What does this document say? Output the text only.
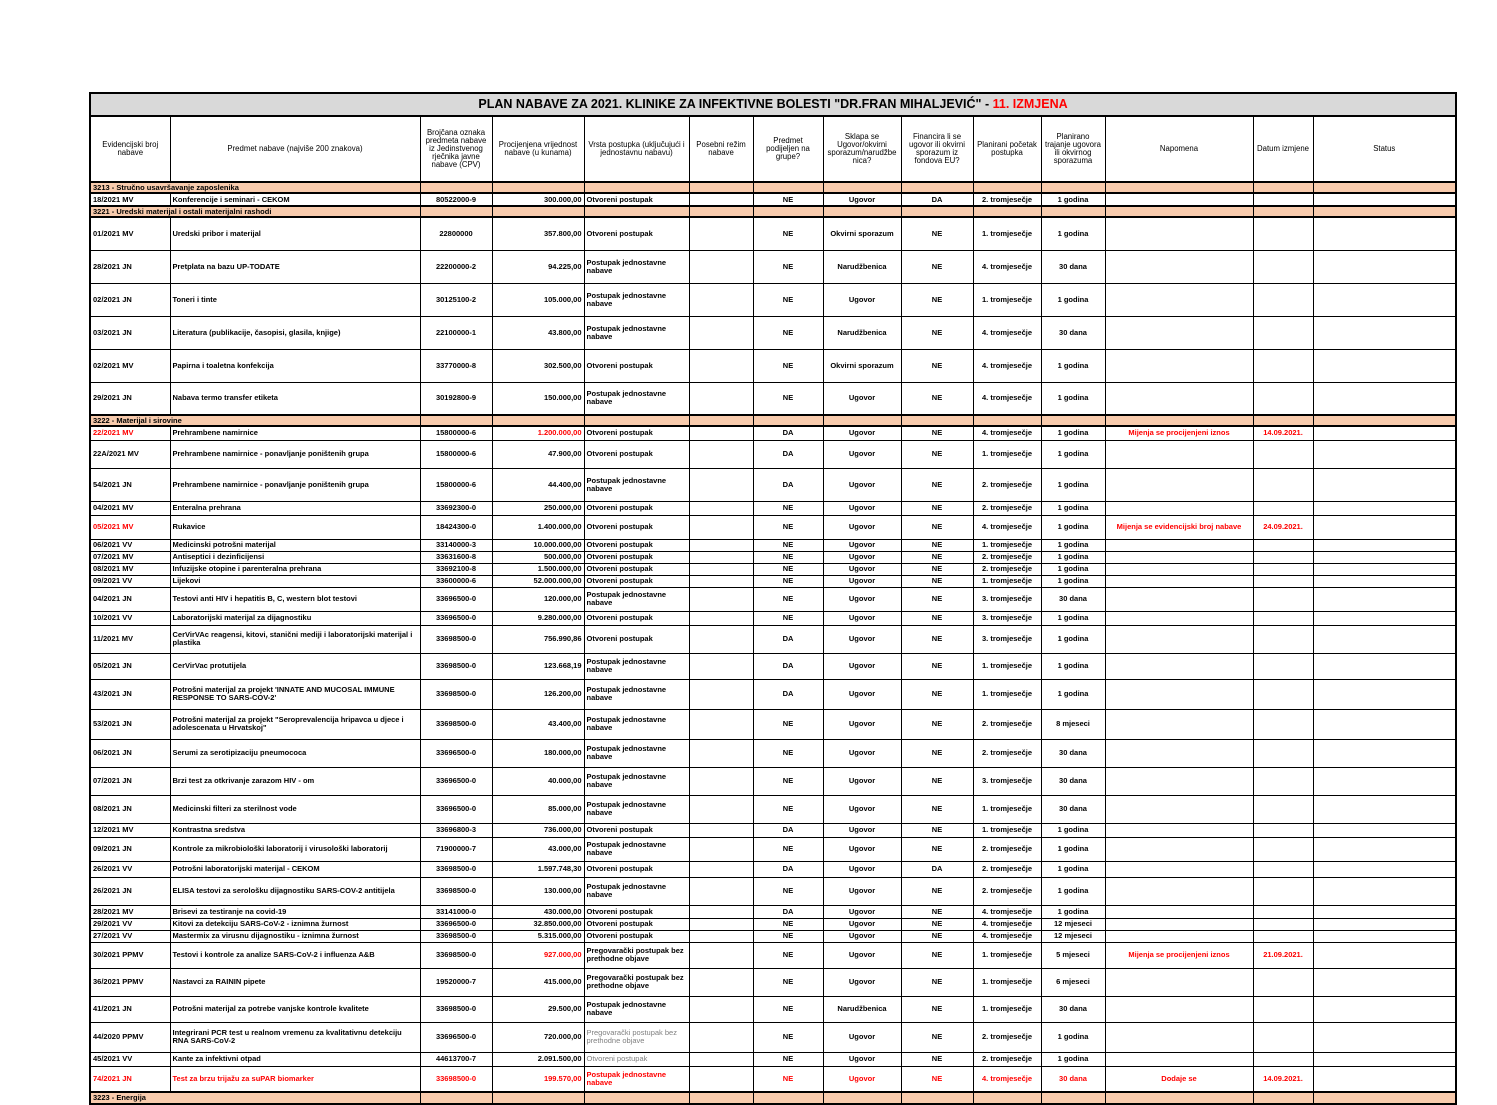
PLAN NABAVE ZA 2021. KLINIKE ZA INFEKTIVNE BOLESTI "DR.FRAN MIHALJEVIĆ" - 11. IZMJENA													
Evidencijski broj nabave	Predmet nabave (najviše 200 znakova)	Brojčana oznaka predmeta nabave iz Jedinstvenog rječnika javne nabave (CPV)	Procijenjena vrijednost nabave (u kunama)	Vrsta postupka (uključujući i jednostavnu nabavu)	Posebni režim nabave	Predmet podijeljen na grupe?	Sklapa se Ugovor/okvirni sporazum/narudžbenica?	Financira li se ugovor ili okvirni sporazum iz fondova EU?	Planirani početak postupka	Planirano trajanje ugovora ili okvirnog sporazuma	Napomena	Datum izmjene	Status
3213 - Stručno usavršavanje zaposlenika													
18/2021 MV	Konferencije i seminari - CEKOM	80522000-9	300.000,00	Otvoreni postupak		NE	Ugovor	DA	2. tromjesečje	1 godina			
3221 - Uredski materijal i ostali materijalni rashodi													
01/2021 MV	Uredski pribor i materijal	22800000	357.800,00	Otvoreni postupak		NE	Okvirni sporazum	NE	1. tromjesečje	1 godina			
28/2021 JN	Pretplata na bazu UP-TODATE	22200000-2	94.225,00	Postupak jednostavne nabave		NE	Narudžbenica	NE	4. tromjesečje	30 dana			
02/2021 JN	Toneri i tinte	30125100-2	105.000,00	Postupak jednostavne nabave		NE	Ugovor	NE	1. tromjesečje	1 godina			
03/2021 JN	Literatura (publikacije, časopisi, glasila, knjige)	22100000-1	43.800,00	Postupak jednostavne nabave		NE	Narudžbenica	NE	4. tromjesečje	30 dana			
02/2021 MV	Papirna i toaletna konfekcija	33770000-8	302.500,00	Otvoreni postupak		NE	Okvirni sporazum	NE	4. tromjesečje	1 godina			
29/2021 JN	Nabava termo transfer etiketa	30192800-9	150.000,00	Postupak jednostavne nabave		NE	Ugovor	NE	4. tromjesečje	1 godina			
3222 - Materijal i sirovine													
22/2021 MV	Prehrambene namirnice	15800000-6	1.200.000,00	Otvoreni postupak		DA	Ugovor	NE	4. tromjesečje	1 godina	Mijenja se procijenjeni iznos	14.09.2021.	
22A/2021 MV	Prehrambene namirnice - ponavljanje poništenih grupa	15800000-6	47.900,00	Otvoreni postupak		DA	Ugovor	NE	1. tromjesečje	1 godina			
54/2021 JN	Prehrambene namirnice - ponavljanje poništenih grupa	15800000-6	44.400,00	Postupak jednostavne nabave		DA	Ugovor	NE	2. tromjesečje	1 godina			
04/2021 MV	Enteralna prehrana	33692300-0	250.000,00	Otvoreni postupak		NE	Ugovor	NE	2. tromjesečje	1 godina			
05/2021 MV	Rukavice	18424300-0	1.400.000,00	Otvoreni postupak		NE	Ugovor	NE	4. tromjesečje	1 godina	Mijenja se evidencijski broj nabave	24.09.2021.	
06/2021 VV	Medicinski potrošni materijal	33140000-3	10.000.000,00	Otvoreni postupak		NE	Ugovor	NE	1. tromjesečje	1 godina			
07/2021 MV	Antiseptici i dezinficijensi	33631600-8	500.000,00	Otvoreni postupak		NE	Ugovor	NE	2. tromjesečje	1 godina			
08/2021 MV	Infuzijske otopine i parenteralna prehrana	33692100-8	1.500.000,00	Otvoreni postupak		NE	Ugovor	NE	2. tromjesečje	1 godina			
09/2021 VV	Lijekovi	33600000-6	52.000.000,00	Otvoreni postupak		NE	Ugovor	NE	1. tromjesečje	1 godina			
04/2021 JN	Testovi anti HIV i hepatitis B, C, western blot testovi	33696500-0	120.000,00	Postupak jednostavne nabave		NE	Ugovor	NE	3. tromjesečje	30 dana			
10/2021 VV	Laboratorijski materijal za dijagnostiku	33696500-0	9.280.000,00	Otvoreni postupak		NE	Ugovor	NE	3. tromjesečje	1 godina			
11/2021 MV	CerVirVAc reagensi, kitovi, stanični mediji i laboratorijski materijal i plastika	33698500-0	756.990,86	Otvoreni postupak		DA	Ugovor	NE	3. tromjesečje	1 godina			
05/2021 JN	CerVirVac protutijela	33698500-0	123.668,19	Postupak jednostavne nabave		DA	Ugovor	NE	1. tromjesečje	1 godina			
43/2021 JN	Potrošni materijal za projekt 'INNATE AND MUCOSAL IMMUNE RESPONSE TO SARS-COV-2'	33698500-0	126.200,00	Postupak jednostavne nabave		DA	Ugovor	NE	1. tromjesečje	1 godina			
53/2021 JN	Potrošni materijal za projekt "Seroprevalencija hripavca u djece i adolescenata u Hrvatskoj"	33698500-0	43.400,00	Postupak jednostavne nabave		NE	Ugovor	NE	2. tromjesečje	8 mjeseci			
06/2021 JN	Serumi za serotipizaciju pneumococa	33696500-0	180.000,00	Postupak jednostavne nabave		NE	Ugovor	NE	2. tromjesečje	30 dana			
07/2021 JN	Brzi test za otkrivanje zarazom HIV - om	33696500-0	40.000,00	Postupak jednostavne nabave		NE	Ugovor	NE	3. tromjesečje	30 dana			
08/2021 JN	Medicinski filteri za sterilnost vode	33696500-0	85.000,00	Postupak jednostavne nabave		NE	Ugovor	NE	1. tromjesečje	30 dana			
12/2021 MV	Kontrastna sredstva	33696800-3	736.000,00	Otvoreni postupak		DA	Ugovor	NE	1. tromjesečje	1 godina			
09/2021 JN	Kontrole za mikrobiološki laboratorij i virusološki laboratorij	71900000-7	43.000,00	Postupak jednostavne nabave		NE	Ugovor	NE	2. tromjesečje	1 godina			
26/2021 VV	Potrošni laboratorijski materijal - CEKOM	33698500-0	1.597.748,30	Otvoreni postupak		DA	Ugovor	DA	2. tromjesečje	1 godina			
26/2021 JN	ELISA testovi za serološku dijagnostiku SARS-COV-2 antitijela	33698500-0	130.000,00	Postupak jednostavne nabave		NE	Ugovor	NE	2. tromjesečje	1 godina			
28/2021 MV	Brisevi za testiranje na covid-19	33141000-0	430.000,00	Otvoreni postupak		DA	Ugovor	NE	4. tromjesečje	1 godina			
29/2021 VV	Kitovi za detekciju SARS-CoV-2 - iznimna žurnost	33696500-0	32.850.000,00	Otvoreni postupak		NE	Ugovor	NE	4. tromjesečje	12 mjeseci			
27/2021 VV	Mastermix za virusnu dijagnostiku - iznimna žurnost	33698500-0	5.315.000,00	Otvoreni postupak		NE	Ugovor	NE	4. tromjesečje	12 mjeseci			
30/2021 PPMV	Testovi i kontrole za analize SARS-CoV-2 i influenza A&B	33698500-0	927.000,00	Pregovarački postupak bez prethodne objave		NE	Ugovor	NE	1. tromjesečje	5 mjeseci	Mijenja se procijenjeni iznos	21.09.2021.	
36/2021 PPMV	Nastavci za RAININ pipete	19520000-7	415.000,00	Pregovarački postupak bez prethodne objave		NE	Ugovor	NE	1. tromjesečje	6 mjeseci			
41/2021 JN	Potrošni materijal za potrebe vanjske kontrole kvalitete	33698500-0	29.500,00	Postupak jednostavne nabave		NE	Narudžbenica	NE	1. tromjesečje	30 dana			
44/2020 PPMV	Integrirani PCR test u realnom vremenu za kvalitativnu detekciju RNA SARS-CoV-2	33696500-0	720.000,00	Pregovarački postupak bez prethodne objave		NE	Ugovor	NE	2. tromjesečje	1 godina			
45/2021 VV	Kante za infektivni otpad	44613700-7	2.091.500,00	Otvoreni postupak		NE	Ugovor	NE	2. tromjesečje	1 godina			
74/2021 JN	Test za brzu trijažu za suPAR biomarker	33698500-0	199.570,00	Postupak jednostavne nabave		NE	Ugovor	NE	4. tromjesečje	30 dana	Dodaje se	14.09.2021.	
3223 - Energija													
